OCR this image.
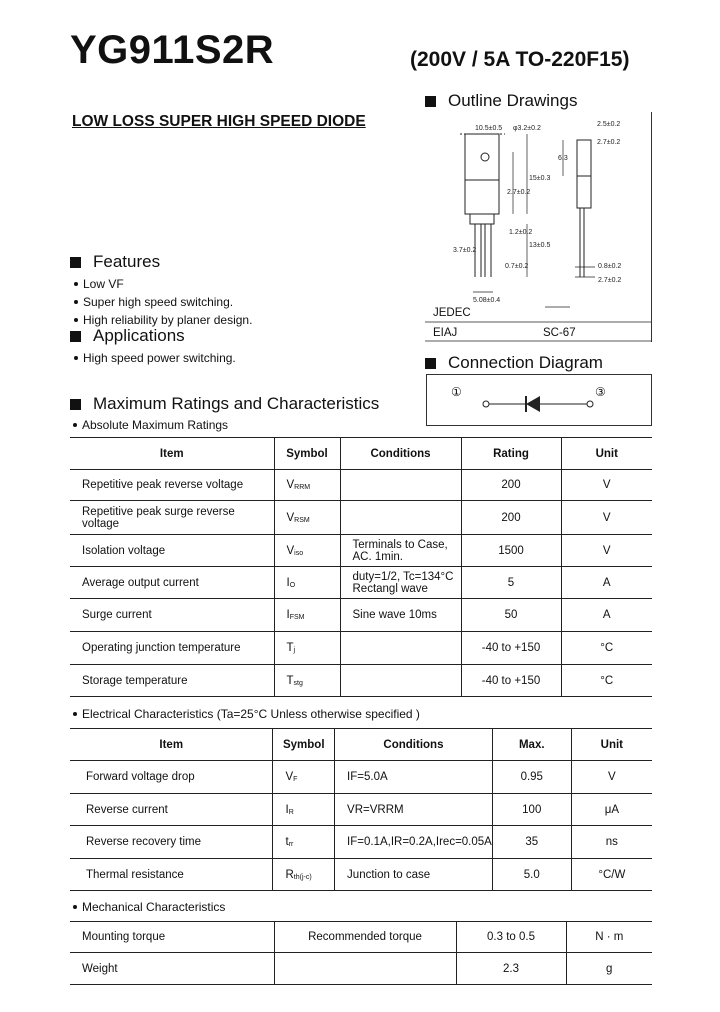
YG911S2R	(200V / 5A TO-220F15)
LOW LOSS SUPER HIGH SPEED DIODE
Outline Drawings
10.5±0.5 φ3.2±0.2
2.5±0.2
2.7±0.2
6.3
15±0.3
2.7±0.2
3.7±0.2
1.2±0.2
13±0.5
0.7±0.2
5.08±0.4
0.8±0.2
2.7±0.2
JEDEC
EIAJ	SC-67
Features
Low VF
Super high speed switching.
High reliability by planer design.
Applications
High speed power switching.	Connection Diagram
①	③
Maximum Ratings and Characteristics
Absolute Maximum Ratings
Item	Symbol	Conditions	Rating	Unit
Repetitive peak reverse voltage	VRRM		200	V
Repetitive peak surge reverse voltage	VRSM		200	V
Isolation voltage	Viso	Terminals to Case, AC. 1min.	1500	V
Average output current	IO	duty=1/2, Tc=134°C Rectangl wave	5	A
Surge current	IFSM	Sine wave 10ms	50	A
Operating junction temperature	Tj		-40 to +150	°C
Storage temperature	Tstg		-40 to +150	°C
Electrical Characteristics (Ta=25°C Unless otherwise specified )
Item	Symbol	Conditions	Max.	Unit
Forward voltage drop	VF	IF=5.0A	0.95	V
Reverse current	IR	VR=VRRM	100	μA
Reverse recovery time	trr	IF=0.1A,IR=0.2A,Irec=0.05A	35	ns
Thermal resistance	Rth(j-c)	Junction to case	5.0	°C/W
Mechanical Characteristics
Mounting torque	Recommended torque	0.3 to 0.5	N · m
Weight		2.3	g
